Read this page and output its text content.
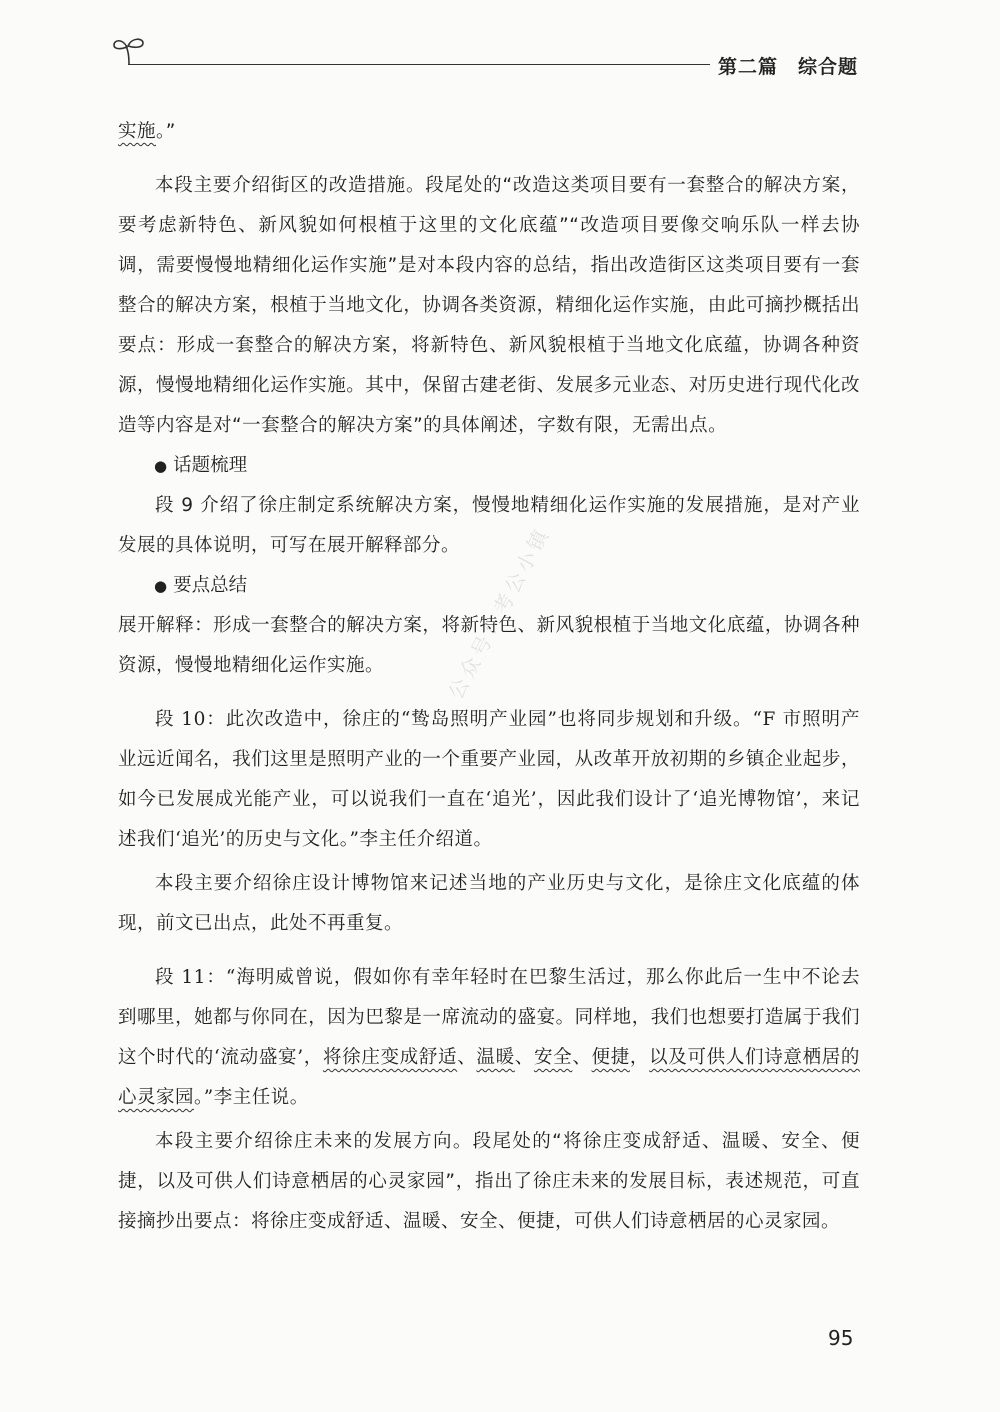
第二篇　综合题
公众号：考公小镇

实施。”

本段主要介绍街区的改造措施。段尾处的“改造这类项目要有一套整合的解决方案，要考虑新特色、新风貌如何根植于这里的文化底蕴”“改造项目要像交响乐队一样去协调，需要慢慢地精细化运作实施”是对本段内容的总结，指出改造街区这类项目要有一套整合的解决方案，根植于当地文化，协调各类资源，精细化运作实施，由此可摘抄概括出要点：形成一套整合的解决方案，将新特色、新风貌根植于当地文化底蕴，协调各种资源，慢慢地精细化运作实施。其中，保留古建老街、发展多元业态、对历史进行现代化改造等内容是对“一套整合的解决方案”的具体阐述，字数有限，无需出点。

● 话题梳理

段 9 介绍了徐庄制定系统解决方案，慢慢地精细化运作实施的发展措施，是对产业发展的具体说明，可写在展开解释部分。

● 要点总结

展开解释：形成一套整合的解决方案，将新特色、新风貌根植于当地文化底蕴，协调各种资源，慢慢地精细化运作实施。

段 10：此次改造中，徐庄的“鸷岛照明产业园”也将同步规划和升级。“F 市照明产业远近闻名，我们这里是照明产业的一个重要产业园，从改革开放初期的乡镇企业起步，如今已发展成光能产业，可以说我们一直在‘追光’，因此我们设计了‘追光博物馆’，来记述我们‘追光’的历史与文化。”李主任介绍道。

本段主要介绍徐庄设计博物馆来记述当地的产业历史与文化，是徐庄文化底蕴的体现，前文已出点，此处不再重复。

段 11：“海明威曾说，假如你有幸年轻时在巴黎生活过，那么你此后一生中不论去到哪里，她都与你同在，因为巴黎是一席流动的盛宴。同样地，我们也想要打造属于我们这个时代的‘流动盛宴’，将徐庄变成舒适、温暖、安全、便捷，以及可供人们诗意栖居的心灵家园。”李主任说。

本段主要介绍徐庄未来的发展方向。段尾处的“将徐庄变成舒适、温暖、安全、便捷，以及可供人们诗意栖居的心灵家园”，指出了徐庄未来的发展目标，表述规范，可直接摘抄出要点：将徐庄变成舒适、温暖、安全、便捷，可供人们诗意栖居的心灵家园。

95
